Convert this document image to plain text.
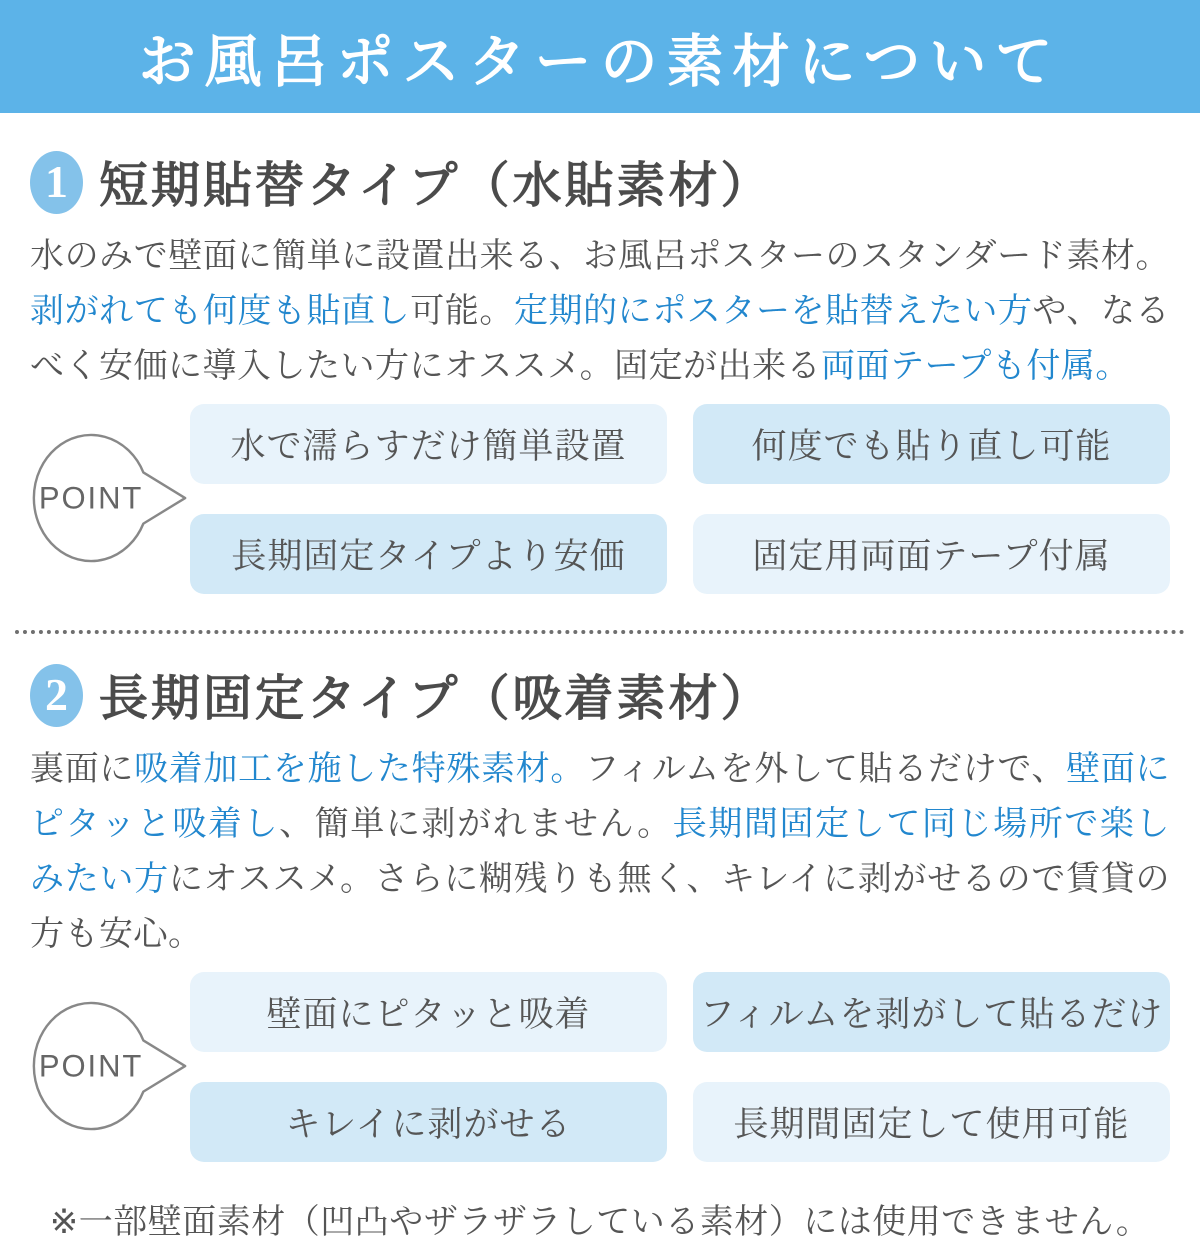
お風呂ポスターの素材について
1 短期貼替タイプ（水貼素材）

水のみで壁面に簡単に設置出来る、お風呂ポスターのスタンダード素材。剥がれても何度も貼直し可能。定期的にポスターを貼替えたい方や、なるべく安価に導入したい方にオススメ。固定が出来る両面テープも付属。

POINT
水で濡らすだけ簡単設置	何度でも貼り直し可能
長期固定タイプより安価	固定用両面テープ付属
2 長期固定タイプ（吸着素材）

裏面に吸着加工を施した特殊素材。フィルムを外して貼るだけで、壁面にピタッと吸着し、簡単に剥がれません。長期間固定して同じ場所で楽しみたい方にオススメ。さらに糊残りも無く、キレイに剥がせるので賃貸の方も安心。

POINT
壁面にピタッと吸着	フィルムを剥がして貼るだけ
キレイに剥がせる	長期間固定して使用可能

※一部壁面素材（凹凸やザラザラしている素材）には使用できません。
